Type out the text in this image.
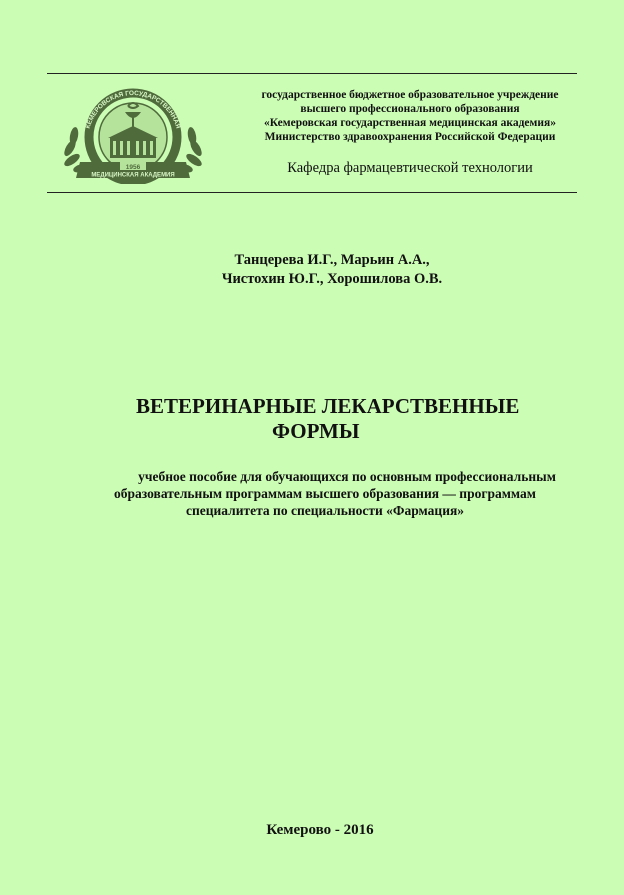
1956
МЕДИЦИНСКАЯ АКАДЕМИЯ
КЕМЕРОВСКАЯ ГОСУДАРСТВЕННАЯ
государственное бюджетное образовательное учреждение
высшего профессионального образования
«Кемеровская государственная медицинская академия»
Министерство здравоохранения Российской Федерации
Кафедра фармацевтической технологии
Танцерева И.Г., Марьин А.А.,
Чистохин Ю.Г., Хорошилова О.В.
ВЕТЕРИНАРНЫЕ ЛЕКАРСТВЕННЫЕ
ФОРМЫ
учебное пособие для обучающихся по основным профессиональным
образовательным программам высшего образования — программам
специалитета по специальности «Фармация»
Кемерово - 2016
